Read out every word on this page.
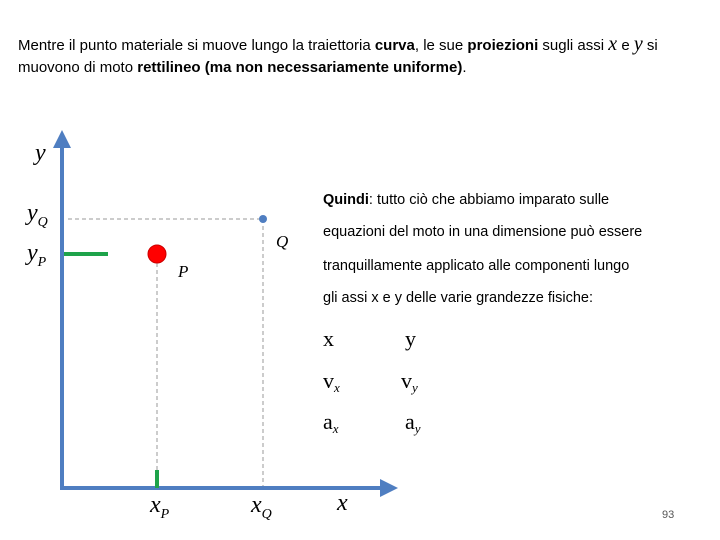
Mentre il punto materiale si muove lungo la traiettoria curva, le sue proiezioni sugli assi x e y si muovono di moto rettilineo (ma non necessariamente uniforme).
y
$y_Q$
$y_P$	P
Q
$x_P$	$x_Q$	x
Quindi: tutto ciò che abbiamo imparato sulle
equazioni del moto in una dimensione può essere
tranquillamente applicato alle componenti lungo
gli assi x e y delle varie grandezze fisiche:
x	y
$v_x$	$v_y$
$a_x$	$a_y$
93
